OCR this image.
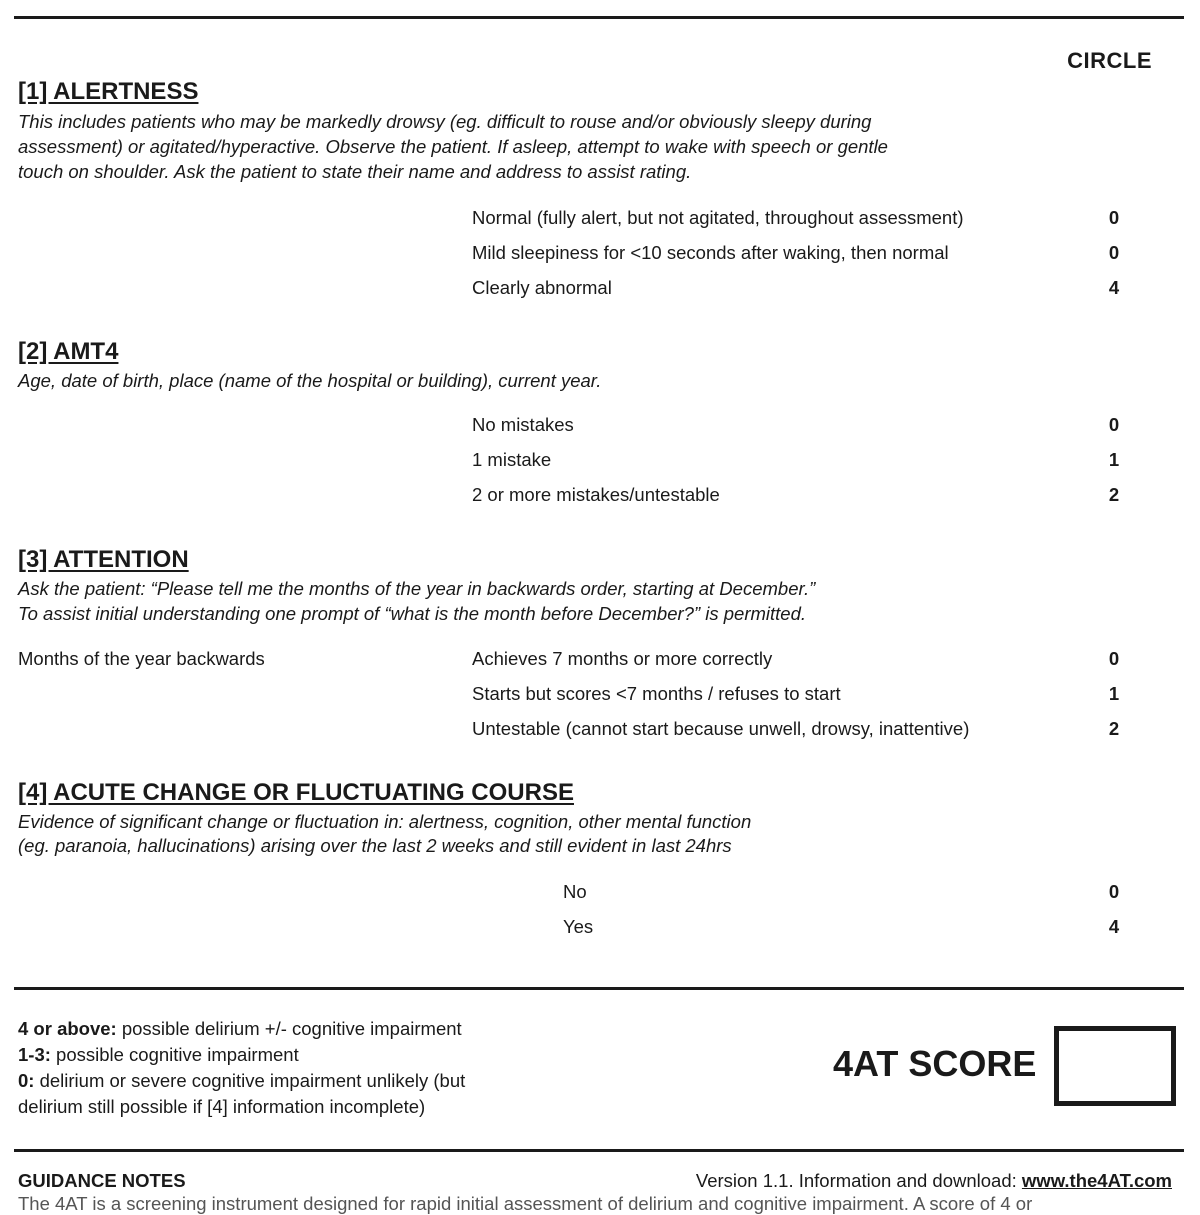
CIRCLE
[1] ALERTNESS
This includes patients who may be markedly drowsy (eg. difficult to rouse and/or obviously sleepy during assessment) or agitated/hyperactive. Observe the patient. If asleep, attempt to wake with speech or gentle touch on shoulder. Ask the patient to state their name and address to assist rating.
Normal (fully alert, but not agitated, throughout assessment)	0
Mild sleepiness for <10 seconds after waking, then normal	0
Clearly abnormal	4
[2] AMT4
Age, date of birth, place (name of the hospital or building), current year.
No mistakes	0
1 mistake	1
2 or more mistakes/untestable	2
[3] ATTENTION
Ask the patient: “Please tell me the months of the year in backwards order, starting at December.”
To assist initial understanding one prompt of “what is the month before December?” is permitted.
Months of the year backwards	Achieves 7 months or more correctly	0
Starts but scores <7 months / refuses to start	1
Untestable (cannot start because unwell, drowsy, inattentive)	2
[4] ACUTE CHANGE OR FLUCTUATING COURSE
Evidence of significant change or fluctuation in: alertness, cognition, other mental function
(eg. paranoia, hallucinations) arising over the last 2 weeks and still evident in last 24hrs
No	0
Yes	4
4 or above: possible delirium +/- cognitive impairment
1-3: possible cognitive impairment
0: delirium or severe cognitive impairment unlikely (but delirium still possible if [4] information incomplete)
4AT SCORE
GUIDANCE NOTES	Version 1.1. Information and download: www.the4AT.com
The 4AT is a screening instrument designed for rapid initial assessment of delirium and cognitive impairment. A score of 4 or
